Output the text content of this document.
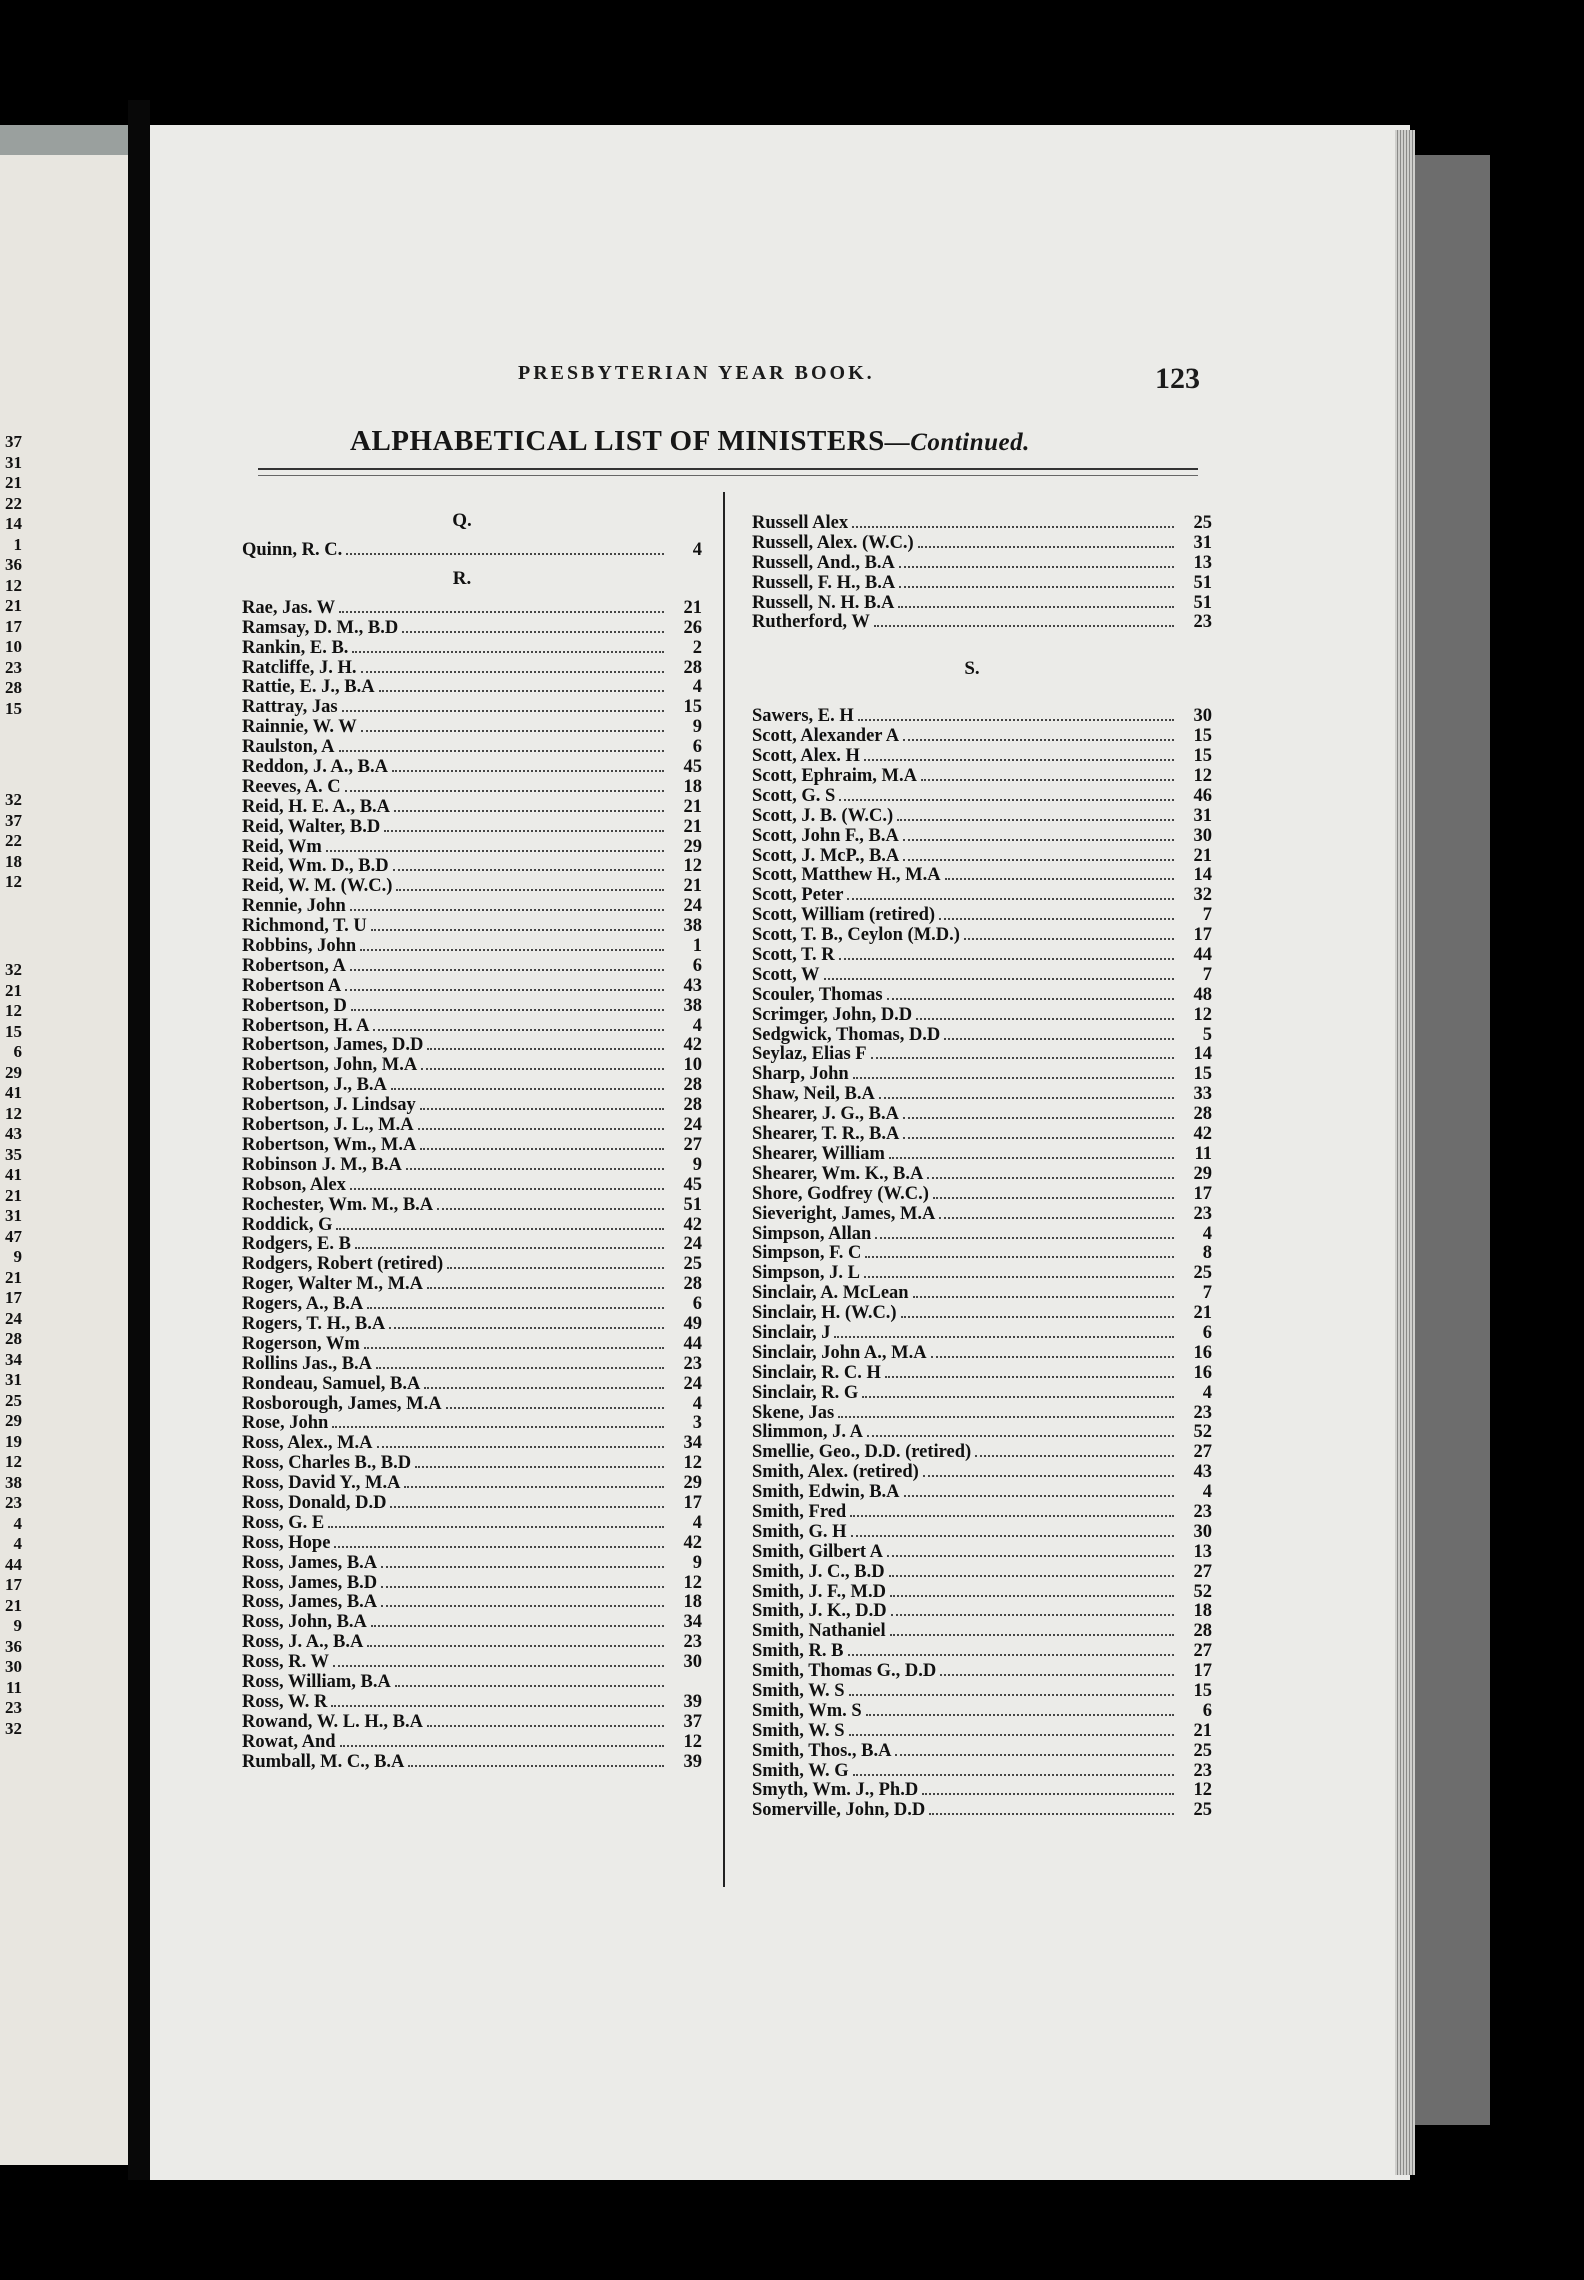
37
31
21
22
14
1
36
12
21
17
10
23
28
15
32
37
22
18
12
32
21
12
15
6
29
41
12
43
35
41
21
31
47
9
21
17
24
28
34
31
25
29
19
12
38
23
4
4
44
17
21
9
36
30
11
23
32
PRESBYTERIAN YEAR BOOK.	123
ALPHABETICAL LIST OF MINISTERS—Continued.
Q.
Quinn, R. C.	4
R.
Rae, Jas. W	21
Ramsay, D. M., B.D	26
Rankin, E. B.	2
Ratcliffe, J. H.	28
Rattie, E. J., B.A	4
Rattray, Jas	15
Rainnie, W. W	9
Raulston, A	6
Reddon, J. A., B.A	45
Reeves, A. C	18
Reid, H. E. A., B.A	21
Reid, Walter, B.D	21
Reid, Wm	29
Reid, Wm. D., B.D	12
Reid, W. M. (W.C.)	21
Rennie, John	24
Richmond, T. U	38
Robbins, John	1
Robertson, A	6
Robertson A	43
Robertson, D	38
Robertson, H. A	4
Robertson, James, D.D	42
Robertson, John, M.A	10
Robertson, J., B.A	28
Robertson, J. Lindsay	28
Robertson, J. L., M.A	24
Robertson, Wm., M.A	27
Robinson J. M., B.A	9
Robson, Alex	45
Rochester, Wm. M., B.A	51
Roddick, G	42
Rodgers, E. B	24
Rodgers, Robert (retired)	25
Roger, Walter M., M.A	28
Rogers, A., B.A	6
Rogers, T. H., B.A	49
Rogerson, Wm	44
Rollins Jas., B.A	23
Rondeau, Samuel, B.A	24
Rosborough, James, M.A	4
Rose, John	3
Ross, Alex., M.A	34
Ross, Charles B., B.D	12
Ross, David Y., M.A	29
Ross, Donald, D.D	17
Ross, G. E	4
Ross, Hope	42
Ross, James, B.A	9
Ross, James, B.D	12
Ross, James, B.A	18
Ross, John, B.A	34
Ross, J. A., B.A	23
Ross, R. W	30
Ross, William, B.A
Ross, W. R	39
Rowand, W. L. H., B.A	37
Rowat, And	12
Rumball, M. C., B.A	39
Russell Alex	25
Russell, Alex. (W.C.)	31
Russell, And., B.A	13
Russell, F. H., B.A	51
Russell, N. H. B.A	51
Rutherford, W	23
S.
Sawers, E. H	30
Scott, Alexander A	15
Scott, Alex. H	15
Scott, Ephraim, M.A	12
Scott, G. S	46
Scott, J. B. (W.C.)	31
Scott, John F., B.A	30
Scott, J. McP., B.A	21
Scott, Matthew H., M.A	14
Scott, Peter	32
Scott, William (retired)	7
Scott, T. B., Ceylon (M.D.)	17
Scott, T. R	44
Scott, W	7
Scouler, Thomas	48
Scrimger, John, D.D	12
Sedgwick, Thomas, D.D	5
Seylaz, Elias F	14
Sharp, John	15
Shaw, Neil, B.A	33
Shearer, J. G., B.A	28
Shearer, T. R., B.A	42
Shearer, William	11
Shearer, Wm. K., B.A	29
Shore, Godfrey (W.C.)	17
Sieveright, James, M.A	23
Simpson, Allan	4
Simpson, F. C	8
Simpson, J. L	25
Sinclair, A. McLean	7
Sinclair, H. (W.C.)	21
Sinclair, J	6
Sinclair, John A., M.A	16
Sinclair, R. C. H	16
Sinclair, R. G	4
Skene, Jas	23
Slimmon, J. A	52
Smellie, Geo., D.D. (retired)	27
Smith, Alex. (retired)	43
Smith, Edwin, B.A	4
Smith, Fred	23
Smith, G. H	30
Smith, Gilbert A	13
Smith, J. C., B.D	27
Smith, J. F., M.D	52
Smith, J. K., D.D	18
Smith, Nathaniel	28
Smith, R. B	27
Smith, Thomas G., D.D	17
Smith, W. S	15
Smith, Wm. S	6
Smith, W. S	21
Smith, Thos., B.A	25
Smith, W. G	23
Smyth, Wm. J., Ph.D	12
Somerville, John, D.D	25
